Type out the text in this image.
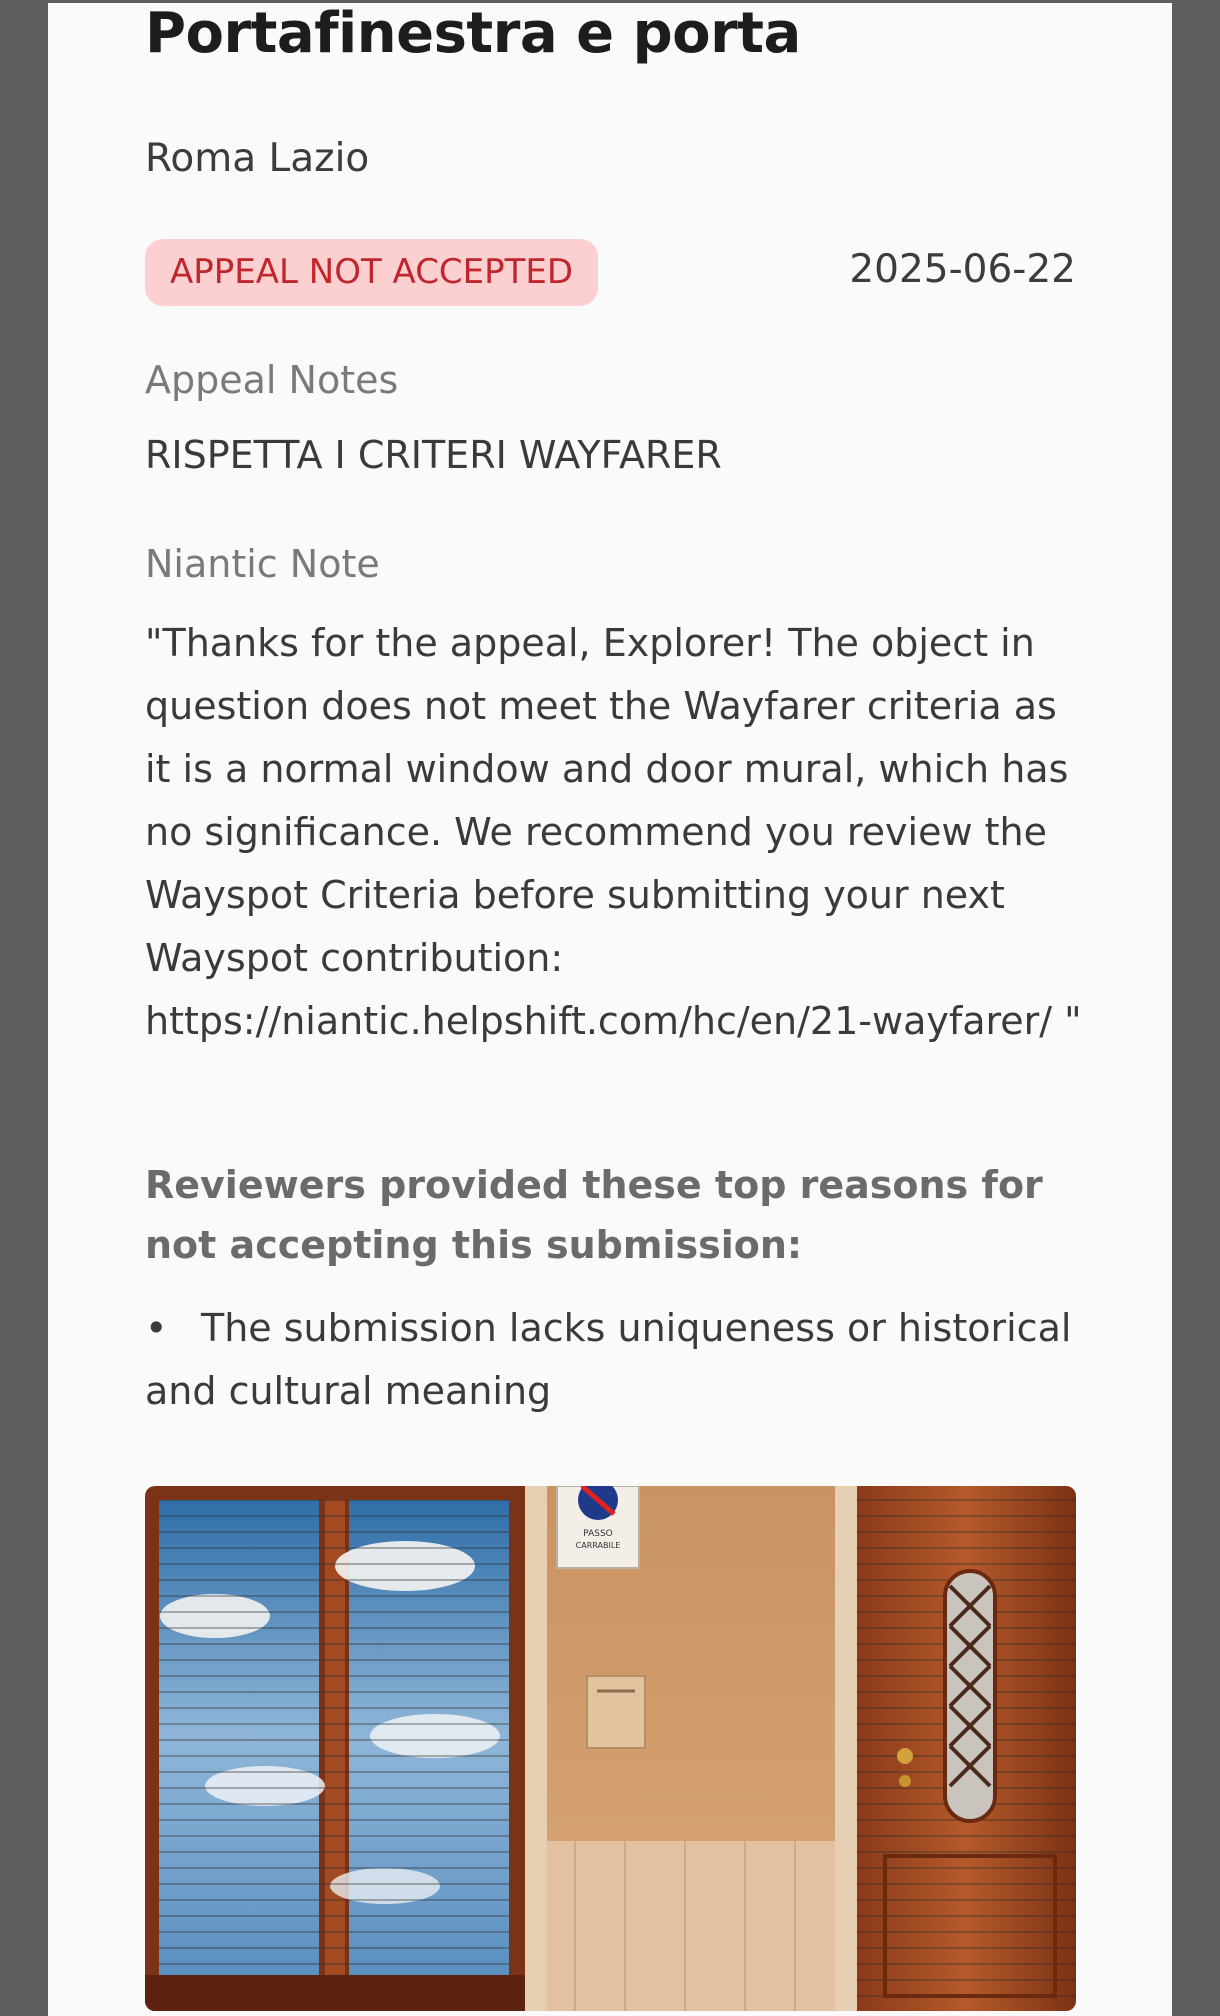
Portafinestra e porta
Roma Lazio
APPEAL NOT ACCEPTED	2025-06-22
Appeal Notes
RISPETTA I CRITERI WAYFARER
Niantic Note

"Thanks for the appeal, Explorer! The object in question does not meet the Wayfarer criteria as it is a normal window and door mural, which has no significance. We recommend you review the Wayspot Criteria before submitting your next Wayspot contribution: https://niantic.helpshift.com/hc/en/21-wayfarer/ "

Reviewers provided these top reasons for not accepting this submission:

• The submission lacks uniqueness or historical and cultural meaning
PASSO
CARRABILE
